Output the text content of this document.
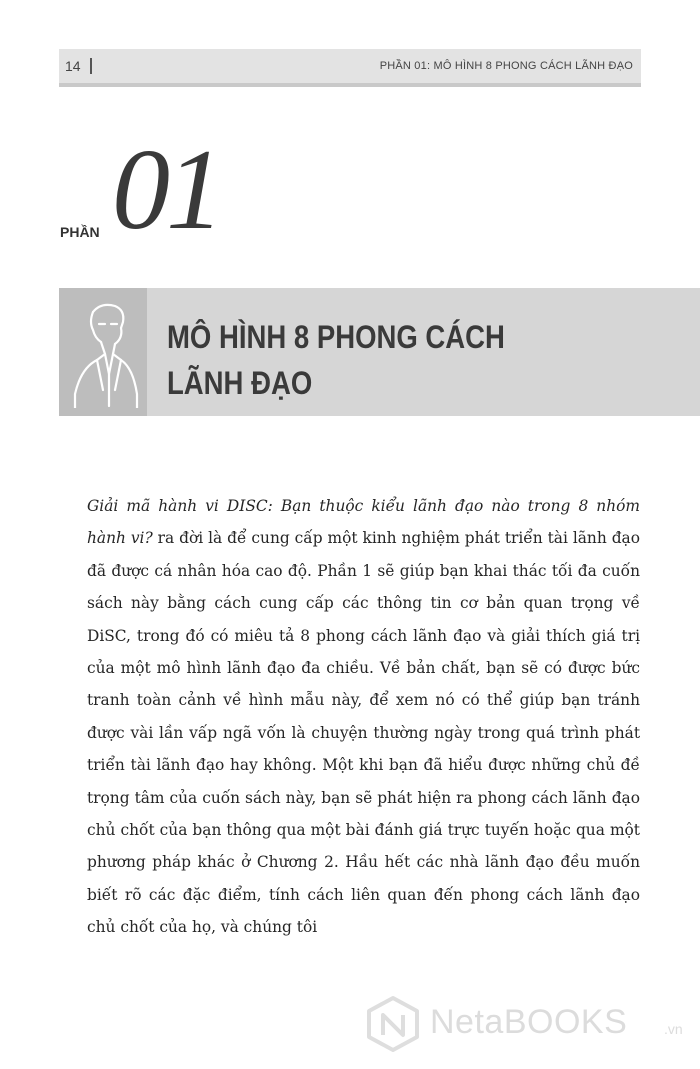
14	PHẦN 01: MÔ HÌNH 8 PHONG CÁCH LÃNH ĐẠO
PHẦN 01
MÔ HÌNH 8 PHONG CÁCH
LÃNH ĐẠO

Giải mã hành vi DISC: Bạn thuộc kiểu lãnh đạo nào trong 8 nhóm hành vi? ra đời là để cung cấp một kinh nghiệm phát triển tài lãnh đạo đã được cá nhân hóa cao độ. Phần 1 sẽ giúp bạn khai thác tối đa cuốn sách này bằng cách cung cấp các thông tin cơ bản quan trọng về DiSC, trong đó có miêu tả 8 phong cách lãnh đạo và giải thích giá trị của một mô hình lãnh đạo đa chiều. Về bản chất, bạn sẽ có được bức tranh toàn cảnh về hình mẫu này, để xem nó có thể giúp bạn tránh được vài lần vấp ngã vốn là chuyện thường ngày trong quá trình phát triển tài lãnh đạo hay không. Một khi bạn đã hiểu được những chủ đề trọng tâm của cuốn sách này, bạn sẽ phát hiện ra phong cách lãnh đạo chủ chốt của bạn thông qua một bài đánh giá trực tuyến hoặc qua một phương pháp khác ở Chương 2. Hầu hết các nhà lãnh đạo đều muốn biết rõ các đặc điểm, tính cách liên quan đến phong cách lãnh đạo chủ chốt của họ, và chúng tôi

NetaBOOKS	.vn
